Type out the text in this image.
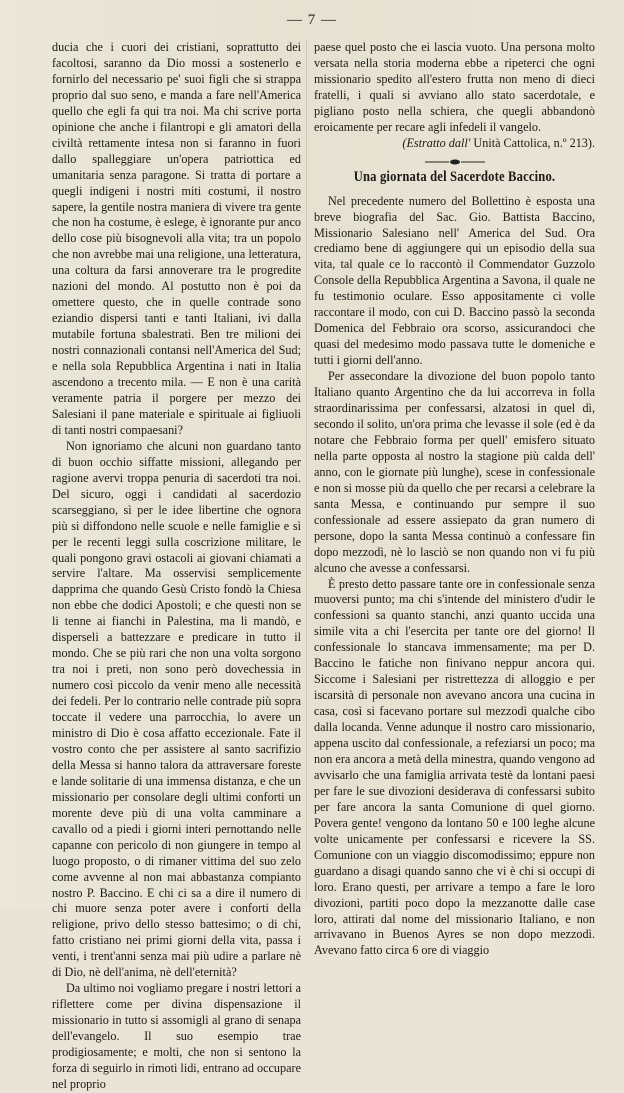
— 7 —

ducia che i cuori dei cristiani, soprattutto dei facoltosi, saranno da Dio mossi a sostenerlo e fornirlo del necessario pe' suoi figli che si strappa proprio dal suo seno, e manda a fare nell'America quello che egli fa qui tra noi. Ma chi scrive porta opinione che anche i filantropi e gli amatori della civiltà rettamente intesa non si faranno in fuori dallo spalleggiare un'opera patriottica ed umanitaria senza paragone. Si tratta di portare a quegli indigeni i nostri miti costumi, il nostro sapere, la gentile nostra maniera di vivere tra gente che non ha costume, è eslege, è ignorante pur anco dello cose più bisognevoli alla vita; tra un popolo che non avrebbe mai una religione, una letteratura, una coltura da farsi annoverare tra le progredite nazioni del mondo. Al postutto non è poi da ometterе questo, che in quelle contrade sono eziandio dispersi tanti e tanti Italiani, ivi dalla mutabile fortuna sbalestrati. Ben tre milioni dei nostri connazionali contansi nell'America del Sud; e nella sola Repubblica Argentina i nati in Italia ascendono a trecento mila. — E non è una carità veramente patria il porgere per mezzo dei Salesiani il pane materiale e spirituale ai figliuoli di tanti nostri compaesani?

Non ignoriamo che alcuni non guardano tanto di buon occhio siffatte missioni, allegando per ragione avervi troppa penuria di sacerdoti tra noi. Del sicuro, oggi i candidati al sacerdozio scarseggiano, sì per le idee libertine che ognora più si diffondono nelle scuole e nelle famiglie e sì per le recenti leggi sulla coscrizione militare, le quali pongono gravi ostacoli ai giovani chiamati a servire l'altare. Ma osservisi semplicemente dapprima che quando Gesù Cristo fondò la Chiesa non ebbe che dodici Apostoli; e che questi non se li tenne ai fianchi in Palestina, ma li mandò, e disperseli a battezzare e predicare in tutto il mondo. Che se più rari che non una volta sorgono tra noi i preti, non sono però dovechessia in numero così piccolo da venir meno alle necessità dei fedeli. Per lo contrario nelle contrade più sopra toccate il vedere una parrocchia, lo avere un ministro di Dio è cosa affatto eccezionale. Fate il vostro conto che per assistere al santo sacrifizio della Messa si hanno talora da attraversare foreste e lande solitarie di una immensa distanza, e che un missionario per consolare degli ultimi conforti un morente deve più di una volta camminare a cavallo od a piedi i giorni interi pernottando nelle capanne con pericolo di non giungere in tempo al luogo proposto, o di rimaner vittima del suo zelo come avvenne al non mai abbastanza compianto nostro P. Baccino. E chi ci sa a dire il numero di chi muore senza poter avere i conforti della religione, privo dello stesso battesimo; o di chi, fatto cristiano nei primi giorni della vita, passa i venti, i trent'anni senza mai più udire a parlare nè di Dio, nè dell'anima, nè dell'eternità?

Da ultimo noi vogliamo pregare i nostri lettori a riflettere come per divina dispensazione il missionario in tutto si assomigli al grano di senapa dell'evangelo. Il suo esempio trae prodigiosamente; e molti, che non si sentono la forza di seguirlo in rimoti lidi, entrano ad occupare nel proprio

paese quel posto che ei lascia vuoto. Una persona molto versata nella storia moderna ebbe a ripeterci che ogni missionario spedito all'estero frutta non meno di dieci fratelli, i quali si avviano allo stato sacerdotale, e pigliano posto nella schiera, che quegli abbandonò eroicamente per recare agli infedeli il vangelo.

(Estratto dall' Unità Cattolica, n.º 213).

Una giornata del Sacerdote Baccino.

Nel precedente numero del Bollettino è esposta una breve biografia del Sac. Gio. Battista Baccino, Missionario Salesiano nell' America del Sud. Ora crediamo bene di aggiungere qui un episodio della sua vita, tal quale ce lo raccontò il Commendator Guzzolo Console della Repubblica Argentina a Savona, il quale ne fu testimonio oculare. Esso appositamente ci volle raccontare il modo, con cui D. Baccino passò la seconda Domenica del Febbraio ora scorso, assicurandoci che quasi del medesimo modo passava tutte le domeniche e tutti i giorni dell'anno.

Per assecondare la divozione del buon popolo tanto Italiano quanto Argentino che da lui accorreva in folla straordinarissima per confessarsi, alzatosi in quel dì, secondo il solito, un'ora prima che levasse il sole (ed è da notare che Febbraio forma per quell' emisfero situato nella parte opposta al nostro la stagione più calda dell' anno, con le giornate più lunghe), scese in confessionale e non si mosse più da quello che per recarsi a celebrare la santa Messa, e continuando pur sempre il suo confessionale ad essere assiepato da gran numero di persone, dopo la santa Messa continuò a confessare fin dopo mezzodì, nè lo lasciò se non quando non vi fu più alcuno che avesse a confessarsi.

È presto detto passare tante ore in confessionale senza muoversi punto; ma chi s'intende del ministero d'udir le confessioni sa quanto stanchi, anzi quanto uccida una simile vita a chi l'esercita per tante ore del giorno! Il confessionale lo stancava immensamente; ma per D. Baccino le fatiche non finivano neppur ancora qui. Siccome i Salesiani per ristrettezza di alloggio e per iscarsità di personale non avevano ancora una cucina in casa, così si facevano portare sul mezzodì qualche cibo dalla locanda. Venne adunque il nostro caro missionario, appena uscito dal confessionale, a refeziarsi un poco; ma non era ancora a metà della minestra, quando vengono ad avvisarlo che una famiglia arrivata testè da lontani paesi per fare le sue divozioni desiderava di confessarsi subito per fare ancora la santa Comunione di quel giorno. Povera gente! vengono da lontano 50 e 100 leghe alcune volte unicamente per confessarsi e ricevere la SS. Comunione con un viaggio discomodissimo; eppure non guardano a disagi quando sanno che vi è chi si occupi di loro. Erano questi, per arrivare a tempo a fare le loro divozioni, partiti poco dopo la mezzanotte dalle case loro, attirati dal nome del missionario Italiano, e non arrivavano in Buenos Ayres se non dopo mezzodì. Avevano fatto circa 6 ore di viaggio
